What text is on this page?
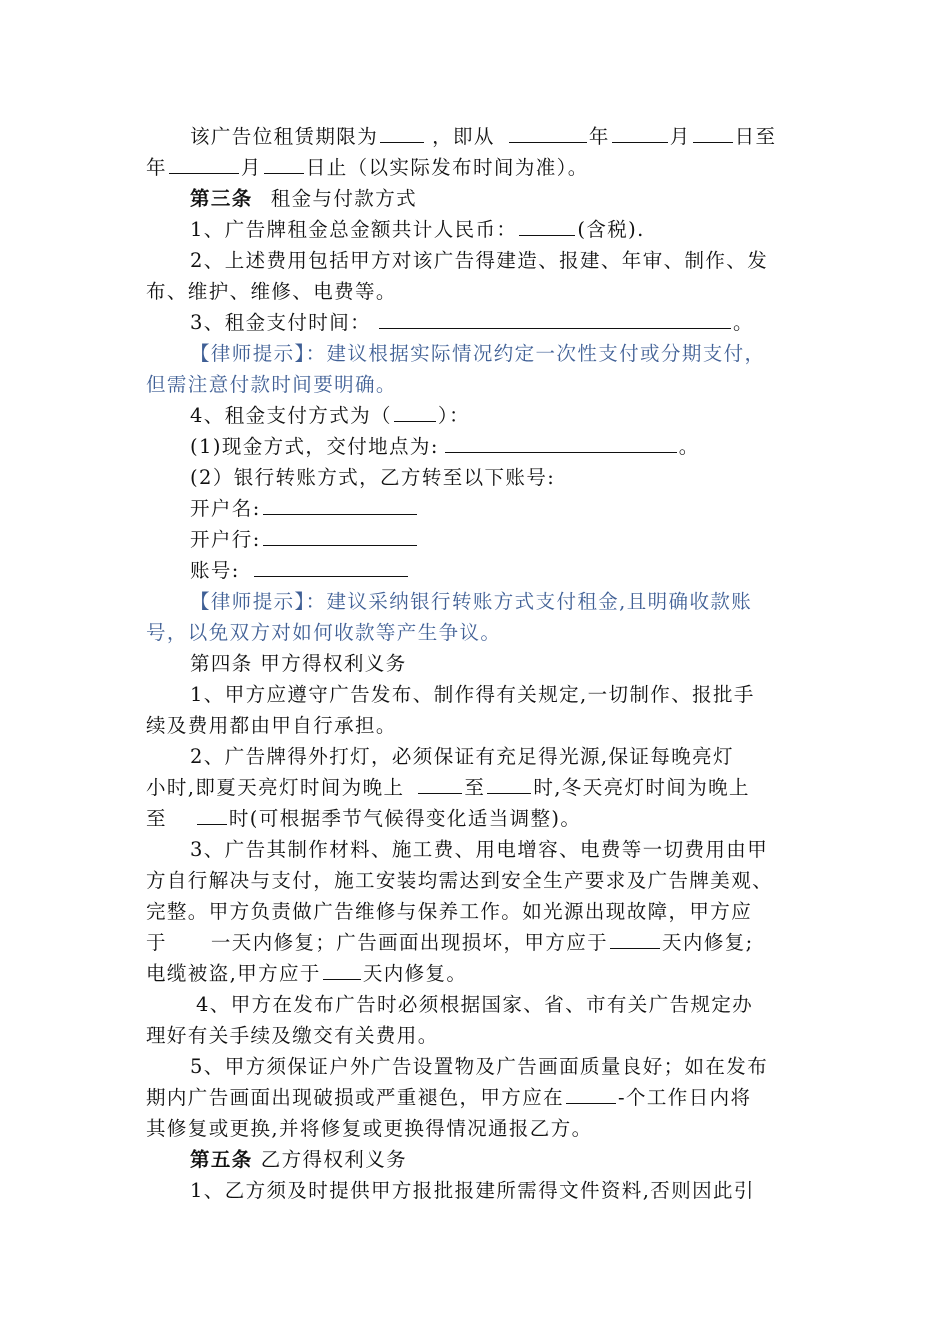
该广告位租赁期限为	，即从	年	月 日至
年	月 日止（以实际发布时间为准）。
第三条 租金与付款方式
1、广告牌租金总金额共计人民币：	(含税).
2、上述费用包括甲方对该广告得建造、报建、年审、制作、发
布、维护、维修、电费等。
3、租金支付时间：	。
【律师提示】：建议根据实际情况约定一次性支付或分期支付，
但需注意付款时间要明确。
4、租金支付方式为（ ）：
(1)现金方式，交付地点为:	。
(2）银行转账方式，乙方转至以下账号:
开户名:
开户行:
账号:
【律师提示】：建议采纳银行转账方式支付租金,且明确收款账
号，以免双方对如何收款等产生争议。
第四条 甲方得权利义务
1、甲方应遵守广告发布、制作得有关规定,一切制作、报批手
续及费用都由甲自行承担。
2、广告牌得外打灯，必须保证有充足得光源,保证每晚亮灯
小时,即夏天亮灯时间为晚上	至 时,冬天亮灯时间为晚上
至	时(可根据季节气候得变化适当调整)。
3、广告其制作材料、施工费、用电增容、电费等一切费用由甲
方自行解决与支付，施工安装均需达到安全生产要求及广告牌美观、
完整。甲方负责做广告维修与保养工作。如光源出现故障，甲方应
于 一天内修复；广告画面出现损坏，甲方应于	天内修复;
电缆被盗,甲方应于 天内修复。
4、甲方在发布广告时必须根据国家、省、市有关广告规定办
理好有关手续及缴交有关费用。
5、甲方须保证户外广告设置物及广告画面质量良好；如在发布
期内广告画面出现破损或严重褪色，甲方应在	-个工作日内将
其修复或更换,并将修复或更换得情况通报乙方。
第五条 乙方得权利义务
1、乙方须及时提供甲方报批报建所需得文件资料,否则因此引
